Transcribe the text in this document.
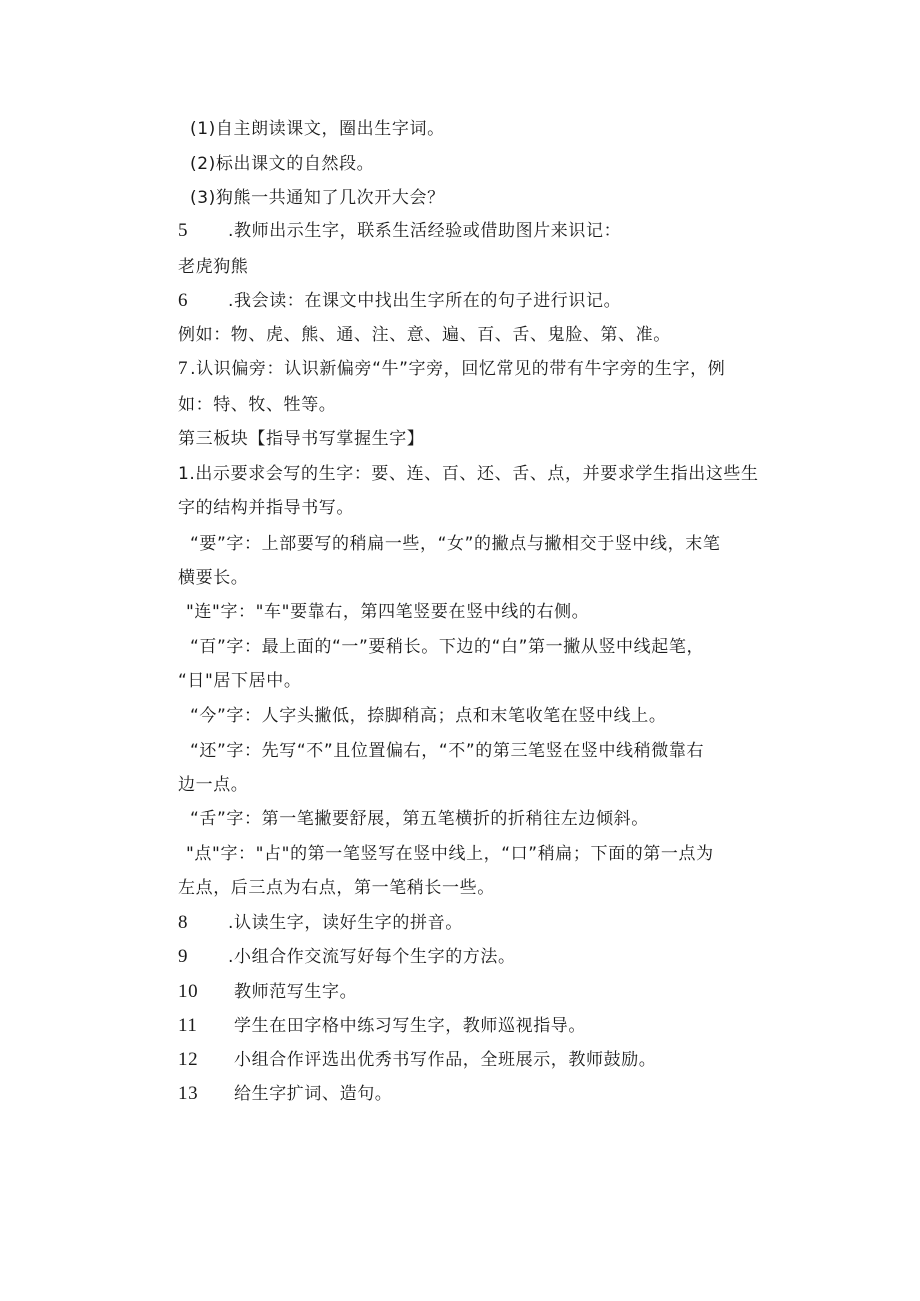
(1)自主朗读课文，圈出生字词。
(2)标出课文的自然段。
(3)狗熊一共通知了几次开大会？
5 .教师出示生字，联系生活经验或借助图片来识记：
老虎狗熊
6 .我会读：在课文中找出生字所在的句子进行识记。
例如：物、虎、熊、通、注、意、遍、百、舌、鬼脸、第、准。
7 .认识偏旁：认识新偏旁“牛”字旁，回忆常见的带有牛字旁的生字，例
如：特、牧、牲等。
第三板块【指导书写掌握生字】
1.出示要求会写的生字：要、连、百、还、舌、点，并要求学生指出这些生
字的结构并指导书写。
“要”字：上部要写的稍扁一些，“女”的撇点与撇相交于竖中线，末笔
横要长。
"连"字："车"要靠右，第四笔竖要在竖中线的右侧。
“百”字：最上面的“一”要稍长。下边的“白”第一撇从竖中线起笔，
“日"居下居中。
“今”字：人字头撇低，捺脚稍高；点和末笔收笔在竖中线上。
“还”字：先写“不”且位置偏右，“不”的第三笔竖在竖中线稍微靠右
边一点。
“舌”字：第一笔撇要舒展，第五笔横折的折稍往左边倾斜。
"点"字："占"的第一笔竖写在竖中线上，“口”稍扁；下面的第一点为
左点，后三点为右点，第一笔稍长一些。
8 .认读生字，读好生字的拼音。
9 .小组合作交流写好每个生字的方法。
10 教师范写生字。
11 学生在田字格中练习写生字，教师巡视指导。
12 小组合作评选出优秀书写作品，全班展示，教师鼓励。
13 给生字扩词、造句。
